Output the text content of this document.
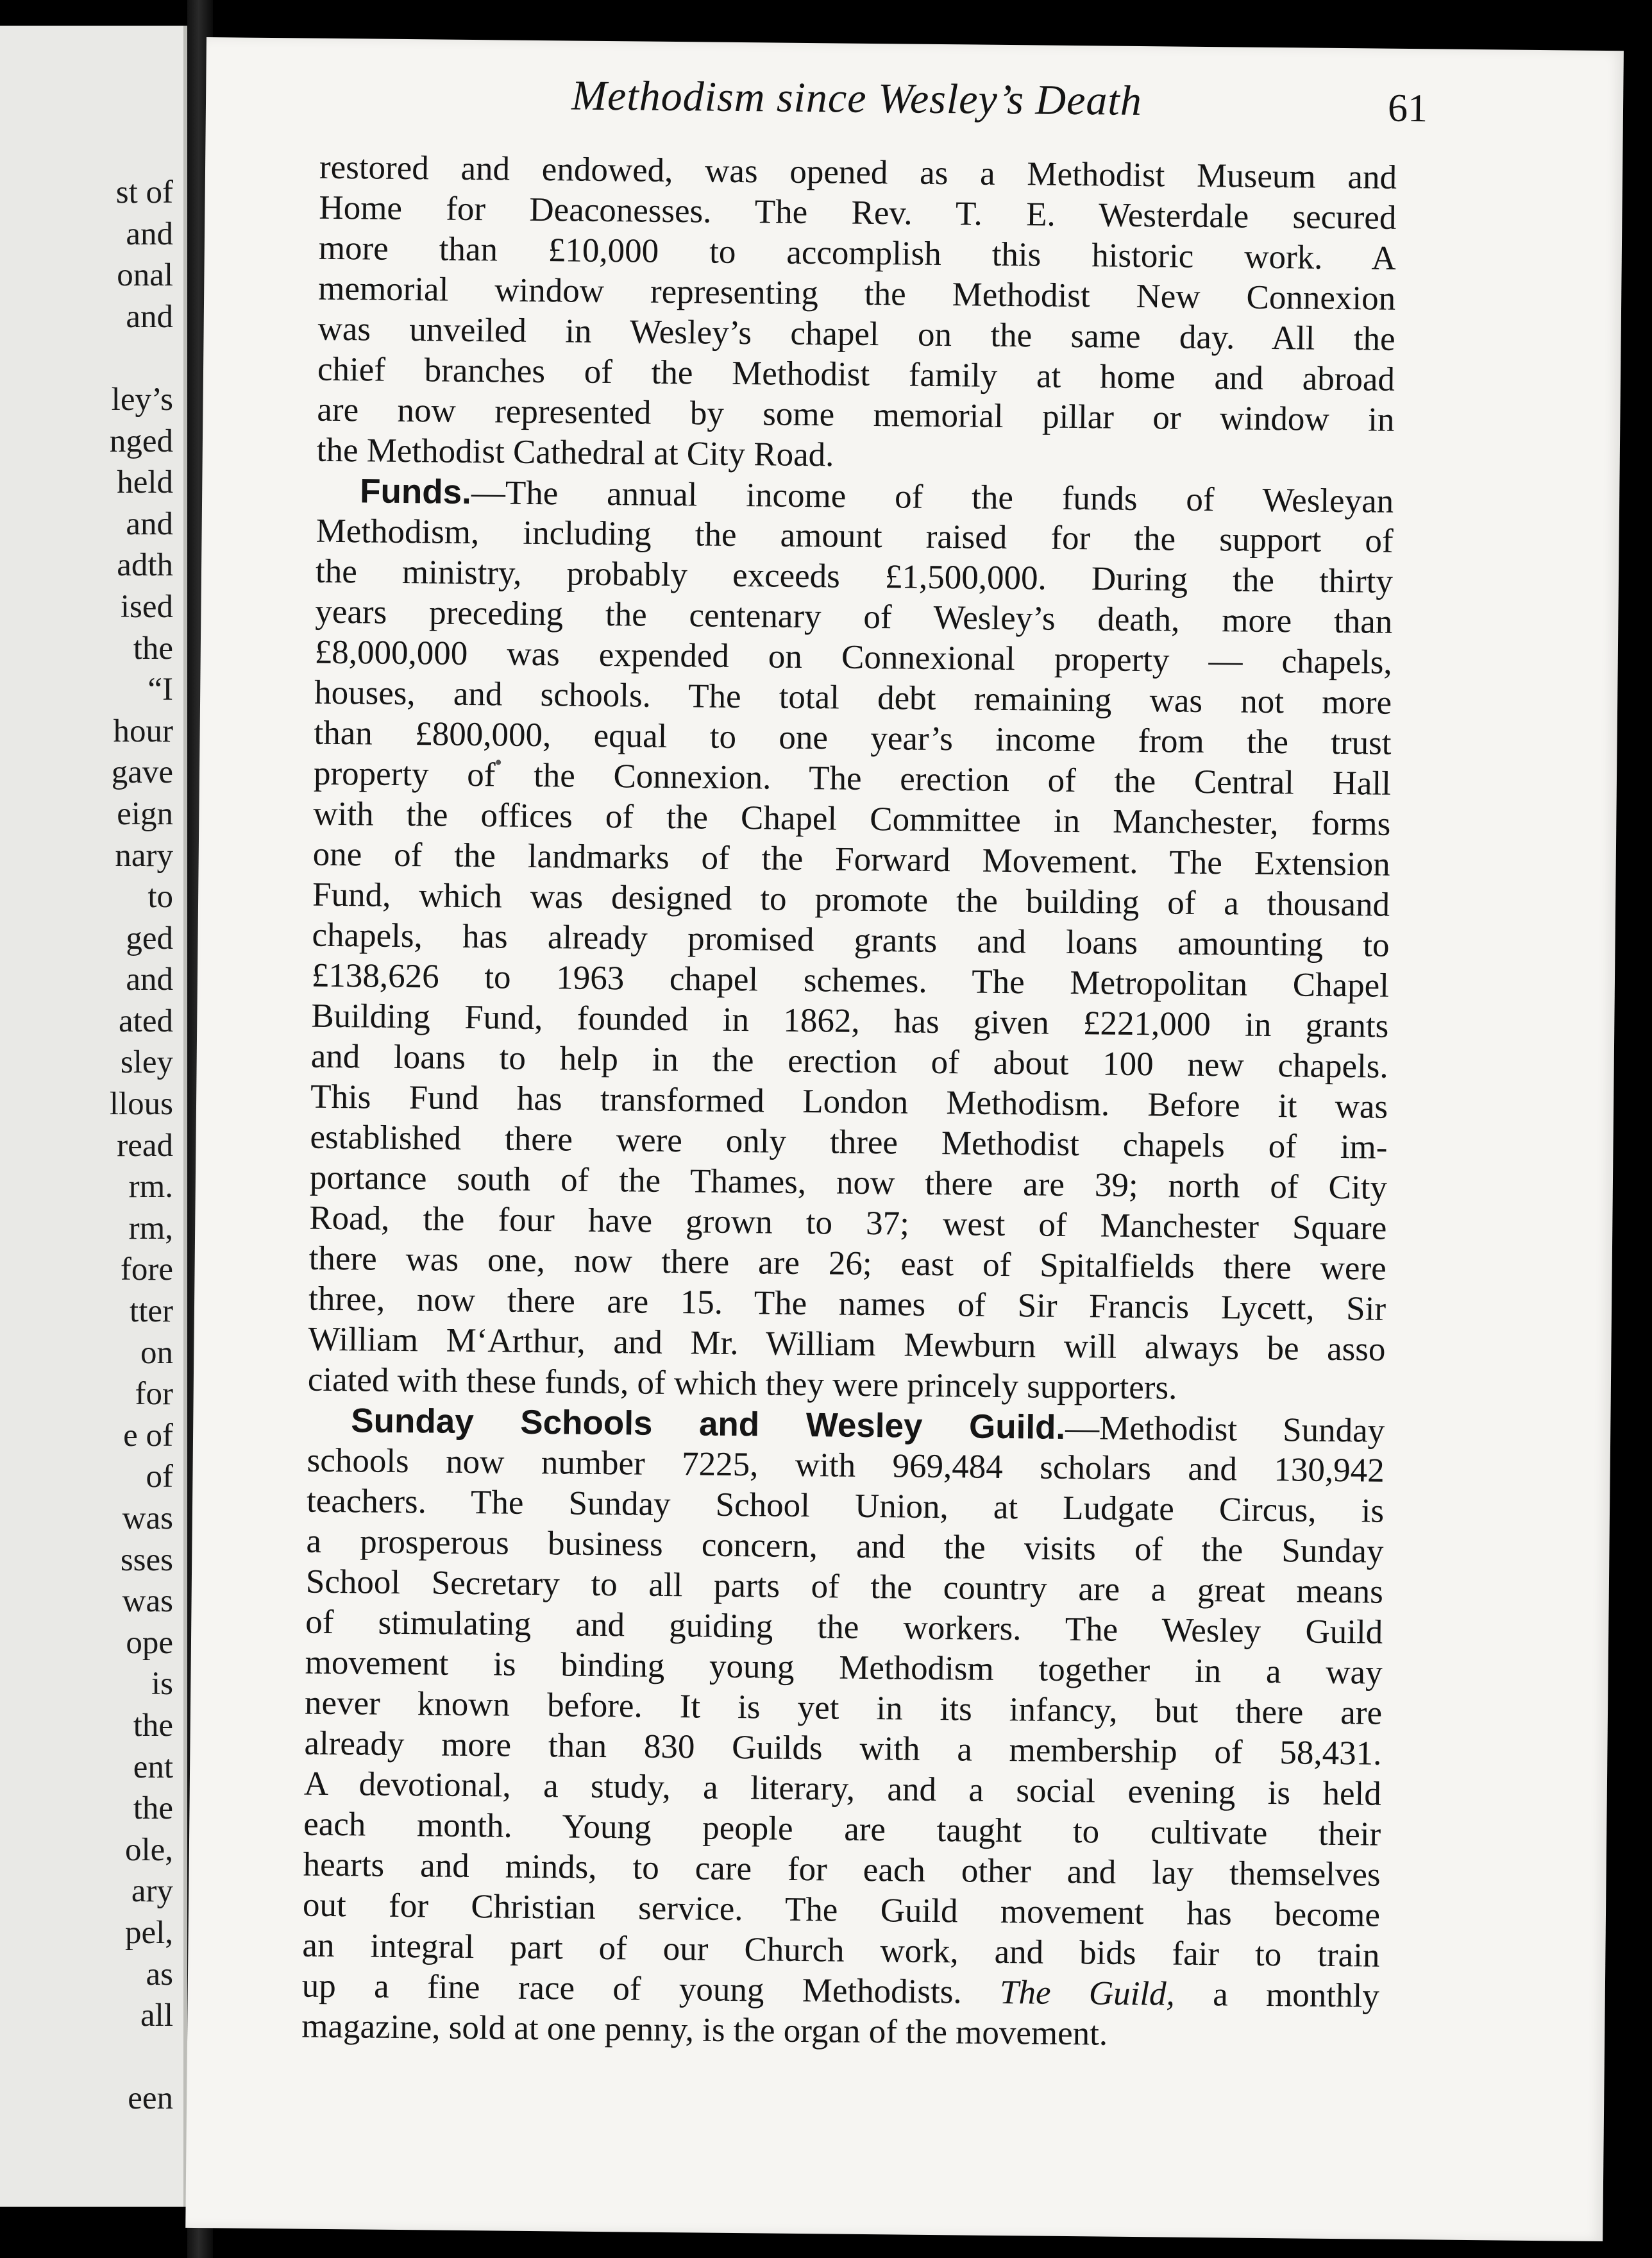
st of
and
onal
and

ley’s
nged
held
and
adth
ised
the
“I
hour
gave
eign
nary
to
ged
and
ated
sley
llous
read
rm.
rm,
fore
tter
on
for
e of
of
was
sses
was
ope
is
the
ent
the
ole,
ary
pel,
as
all

een
Methodism since Wesley’s Death	61
restored and endowed, was opened as a Methodist Museum and
Home for Deaconesses. The Rev. T. E. Westerdale secured
more than £10,000 to accomplish this historic work. A
memorial window representing the Methodist New Connexion
was unveiled in Wesley’s chapel on the same day. All the
chief branches of the Methodist family at home and abroad
are now represented by some memorial pillar or window in
the Methodist Cathedral at City Road.
Funds.—The annual income of the funds of Wesleyan
Methodism, including the amount raised for the support of
the ministry, probably exceeds £1,500,000. During the thirty
years preceding the centenary of Wesley’s death, more than
£8,000,000 was expended on Connexional property — chapels,
houses, and schools. The total debt remaining was not more
than £800,000, equal to one year’s income from the trust
property of the Connexion. The erection of the Central Hall
with the offices of the Chapel Committee in Manchester, forms
one of the landmarks of the Forward Movement. The Extension
Fund, which was designed to promote the building of a thousand
chapels, has already promised grants and loans amounting to
£138,626 to 1963 chapel schemes. The Metropolitan Chapel
Building Fund, founded in 1862, has given £221,000 in grants
and loans to help in the erection of about 100 new chapels.
This Fund has transformed London Methodism. Before it was
established there were only three Methodist chapels of im-
portance south of the Thames, now there are 39; north of City
Road, the four have grown to 37; west of Manchester Square
there was one, now there are 26; east of Spitalfields there were
three, now there are 15. The names of Sir Francis Lycett, Sir
William M‘Arthur, and Mr. William Mewburn will always be asso
ciated with these funds, of which they were princely supporters.
Sunday Schools and Wesley Guild.—Methodist Sunday
schools now number 7225, with 969,484 scholars and 130,942
teachers. The Sunday School Union, at Ludgate Circus, is
a prosperous business concern, and the visits of the Sunday
School Secretary to all parts of the country are a great means
of stimulating and guiding the workers. The Wesley Guild
movement is binding young Methodism together in a way
never known before. It is yet in its infancy, but there are
already more than 830 Guilds with a membership of 58,431.
A devotional, a study, a literary, and a social evening is held
each month. Young people are taught to cultivate their
hearts and minds, to care for each other and lay themselves
out for Christian service. The Guild movement has become
an integral part of our Church work, and bids fair to train
up a fine race of young Methodists. The Guild, a monthly
magazine, sold at one penny, is the organ of the movement.
